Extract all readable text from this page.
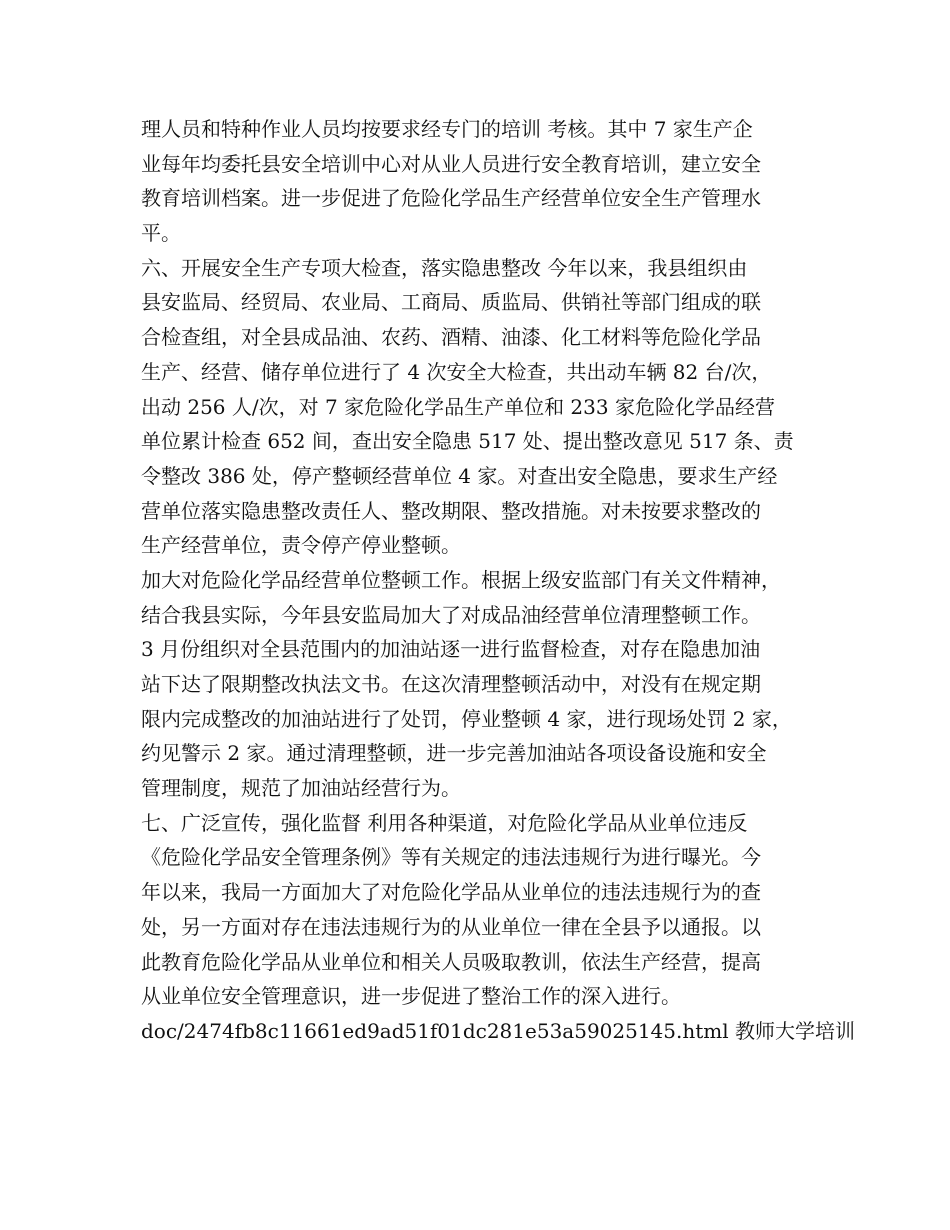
理人员和特种作业人员均按要求经专门的培训 考核。其中 7 家生产企
业每年均委托县安全培训中心对从业人员进行安全教育培训，建立安全
教育培训档案。进一步促进了危险化学品生产经营单位安全生产管理水
平。
六、开展安全生产专项大检查，落实隐患整改 今年以来，我县组织由
县安监局、经贸局、农业局、工商局、质监局、供销社等部门组成的联
合检查组，对全县成品油、农药、酒精、油漆、化工材料等危险化学品
生产、经营、储存单位进行了 4 次安全大检查，共出动车辆 82 台/次，
出动 256 人/次，对 7 家危险化学品生产单位和 233 家危险化学品经营
单位累计检查 652 间，查出安全隐患 517 处、提出整改意见 517 条、责
令整改 386 处，停产整顿经营单位 4 家。对查出安全隐患，要求生产经
营单位落实隐患整改责任人、整改期限、整改措施。对未按要求整改的
生产经营单位，责令停产停业整顿。
加大对危险化学品经营单位整顿工作。根据上级安监部门有关文件精神，
结合我县实际，今年县安监局加大了对成品油经营单位清理整顿工作。
3 月份组织对全县范围内的加油站逐一进行监督检查，对存在隐患加油
站下达了限期整改执法文书。在这次清理整顿活动中，对没有在规定期
限内完成整改的加油站进行了处罚，停业整顿 4 家，进行现场处罚 2 家，
约见警示 2 家。通过清理整顿，进一步完善加油站各项设备设施和安全
管理制度，规范了加油站经营行为。
七、广泛宣传，强化监督 利用各种渠道，对危险化学品从业单位违反
《危险化学品安全管理条例》等有关规定的违法违规行为进行曝光。今
年以来，我局一方面加大了对危险化学品从业单位的违法违规行为的查
处，另一方面对存在违法违规行为的从业单位一律在全县予以通报。以
此教育危险化学品从业单位和相关人员吸取教训，依法生产经营，提高
从业单位安全管理意识，进一步促进了整治工作的深入进行。
doc/2474fb8c11661ed9ad51f01dc281e53a59025145.html 教师大学培训
